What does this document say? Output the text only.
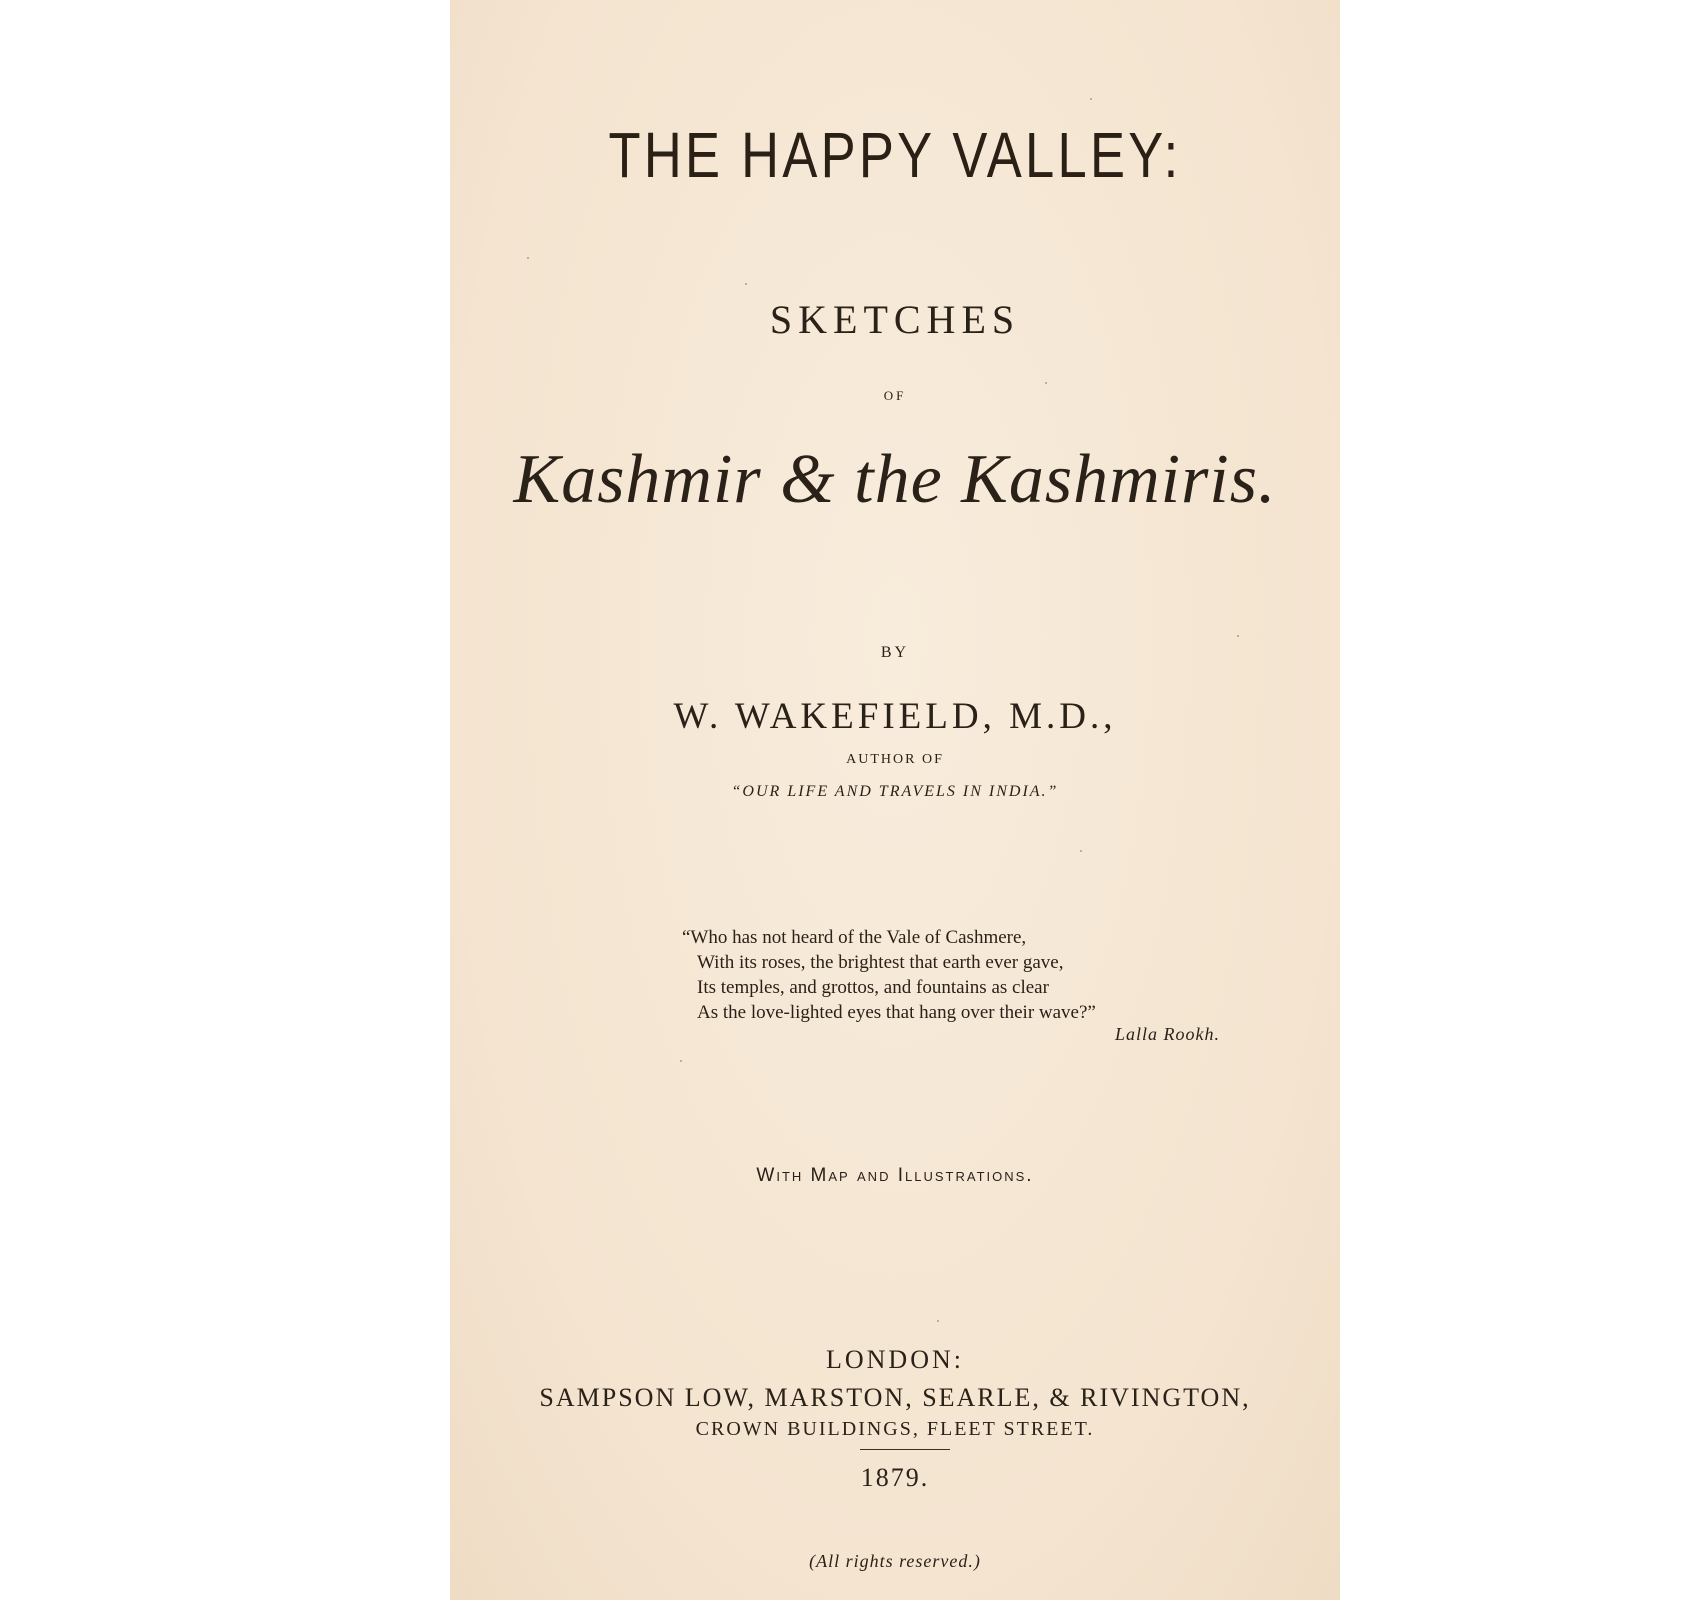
THE HAPPY VALLEY:
SKETCHES
OF
Kashmir & the Kashmiris.
BY
W. WAKEFIELD, M.D.,
AUTHOR OF
“OUR LIFE AND TRAVELS IN INDIA.”
“Who has not heard of the Vale of Cashmere,
With its roses, the brightest that earth ever gave,
Its temples, and grottos, and fountains as clear
As the love-lighted eyes that hang over their wave?”
Lalla Rookh.
With Map and Illustrations.
LONDON:
SAMPSON LOW, MARSTON, SEARLE, & RIVINGTON,
CROWN BUILDINGS, FLEET STREET.
1879.
(All rights reserved.)
